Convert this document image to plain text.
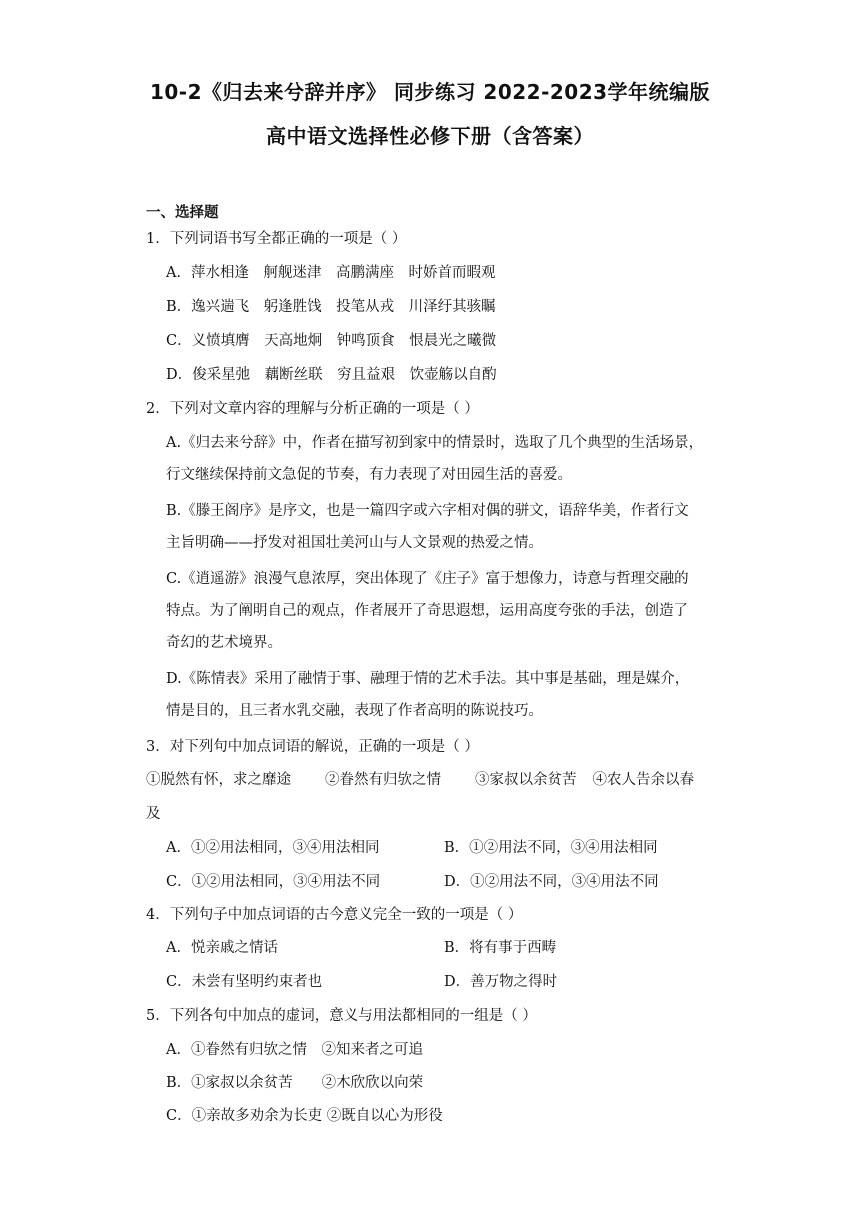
10-2《归去来兮辞并序》 同步练习 2022-2023学年统编版
高中语文选择性必修下册（含答案）
一、选择题
1．下列词语书写全都正确的一项是（ ）
A．萍水相逢　舸舰迷津　高鹏满座　时娇首而暇观
B．逸兴遄飞　躬逢胜饯　投笔从戎　川泽纡其骇瞩
C．义愤填膺　天高地炯　钟鸣顶食　恨晨光之曦微
D．俊采星弛　藕断丝联　穷且益艰　饮壶觞以自酌
2．下列对文章内容的理解与分析正确的一项是（ ）
A.《归去来兮辞》中，作者在描写初到家中的情景时，选取了几个典型的生活场景，
行文继续保持前文急促的节奏，有力表现了对田园生活的喜爱。
B.《滕王阁序》是序文，也是一篇四字或六字相对偶的骈文，语辞华美，作者行文
主旨明确——抒发对祖国壮美河山与人文景观的热爱之情。
C.《逍遥游》浪漫气息浓厚，突出体现了《庄子》富于想像力，诗意与哲理交融的
特点。为了阐明自己的观点，作者展开了奇思遐想，运用高度夸张的手法，创造了
奇幻的艺术境界。
D.《陈情表》采用了融情于事、融理于情的艺术手法。其中事是基础，理是媒介，
情是目的，且三者水乳交融，表现了作者高明的陈说技巧。
3．对下列句中加点词语的解说，正确的一项是（ ）
①脱然有怀，求之靡途 ②眷然有归欤之情 ③家叔以余贫苦 ④农人告余以春
及
A．①②用法相同，③④用法相同	B．①②用法不同，③④用法相同
C．①②用法相同，③④用法不同	D．①②用法不同，③④用法不同
4．下列句子中加点词语的古今意义完全一致的一项是（ ）
A．悦亲戚之情话	B．将有事于西畴
C．未尝有坚明约束者也	D．善万物之得时
5．下列各句中加点的虚词，意义与用法都相同的一组是（ ）
A．①眷然有归欤之情　②知来者之可追
B．①家叔以余贫苦　　②木欣欣以向荣
C．①亲故多劝余为长吏 ②既自以心为形役
